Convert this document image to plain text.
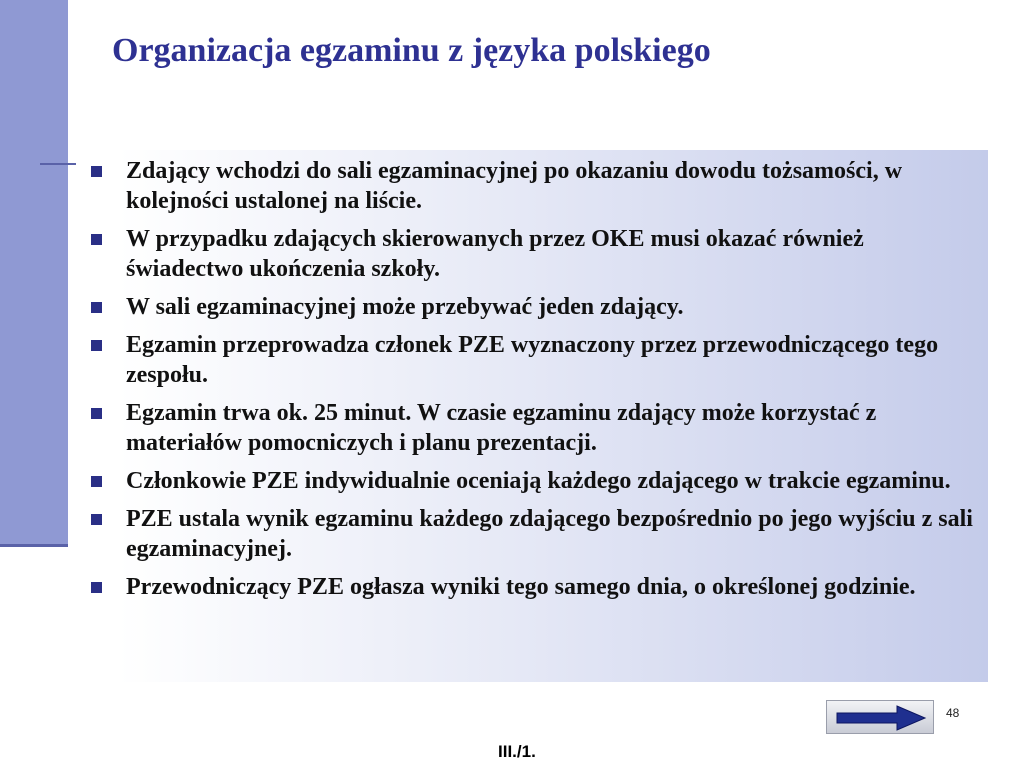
Organizacja egzaminu z języka polskiego
Zdający wchodzi do sali egzaminacyjnej po okazaniu dowodu tożsamości, w kolejności ustalonej na liście.
W przypadku zdających skierowanych przez OKE musi okazać również świadectwo ukończenia szkoły.
W sali egzaminacyjnej może przebywać jeden zdający.
Egzamin przeprowadza członek PZE wyznaczony przez przewodniczącego tego zespołu.
Egzamin trwa ok. 25 minut. W czasie egzaminu zdający może korzystać z materiałów pomocniczych i planu prezentacji.
Członkowie PZE indywidualnie oceniają każdego zdającego w trakcie egzaminu.
PZE ustala wynik egzaminu każdego zdającego bezpośrednio po jego wyjściu z sali egzaminacyjnej.
Przewodniczący PZE ogłasza wyniki tego samego dnia, o określonej godzinie.
48
III./1.
